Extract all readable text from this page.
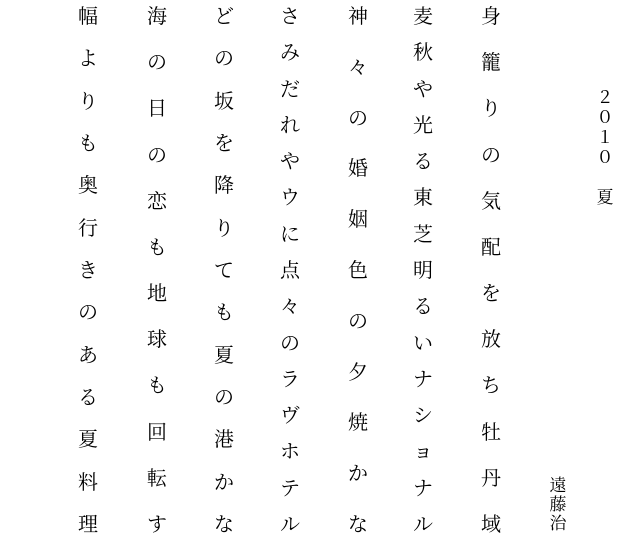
２
０
１
０

夏
遠
藤
治
身
籠
り
の
気
配
を
放
ち
牡
丹
域
麦
秋
や
光
る
東
芝
明
る
い
ナ
シ
ョ
ナ
ル
神
々
の
婚
姻
色
の
夕
焼
か
な
さ
み
だ
れ
や
ウ
に
点
々
の
ラ
ヴ
ホ
テ
ル
ど
の
坂
を
降
り
て
も
夏
の
港
か
な
海
の
日
の
恋
も
地
球
も
回
転
す
幅
よ
り
も
奥
行
き
の
あ
る
夏
料
理
